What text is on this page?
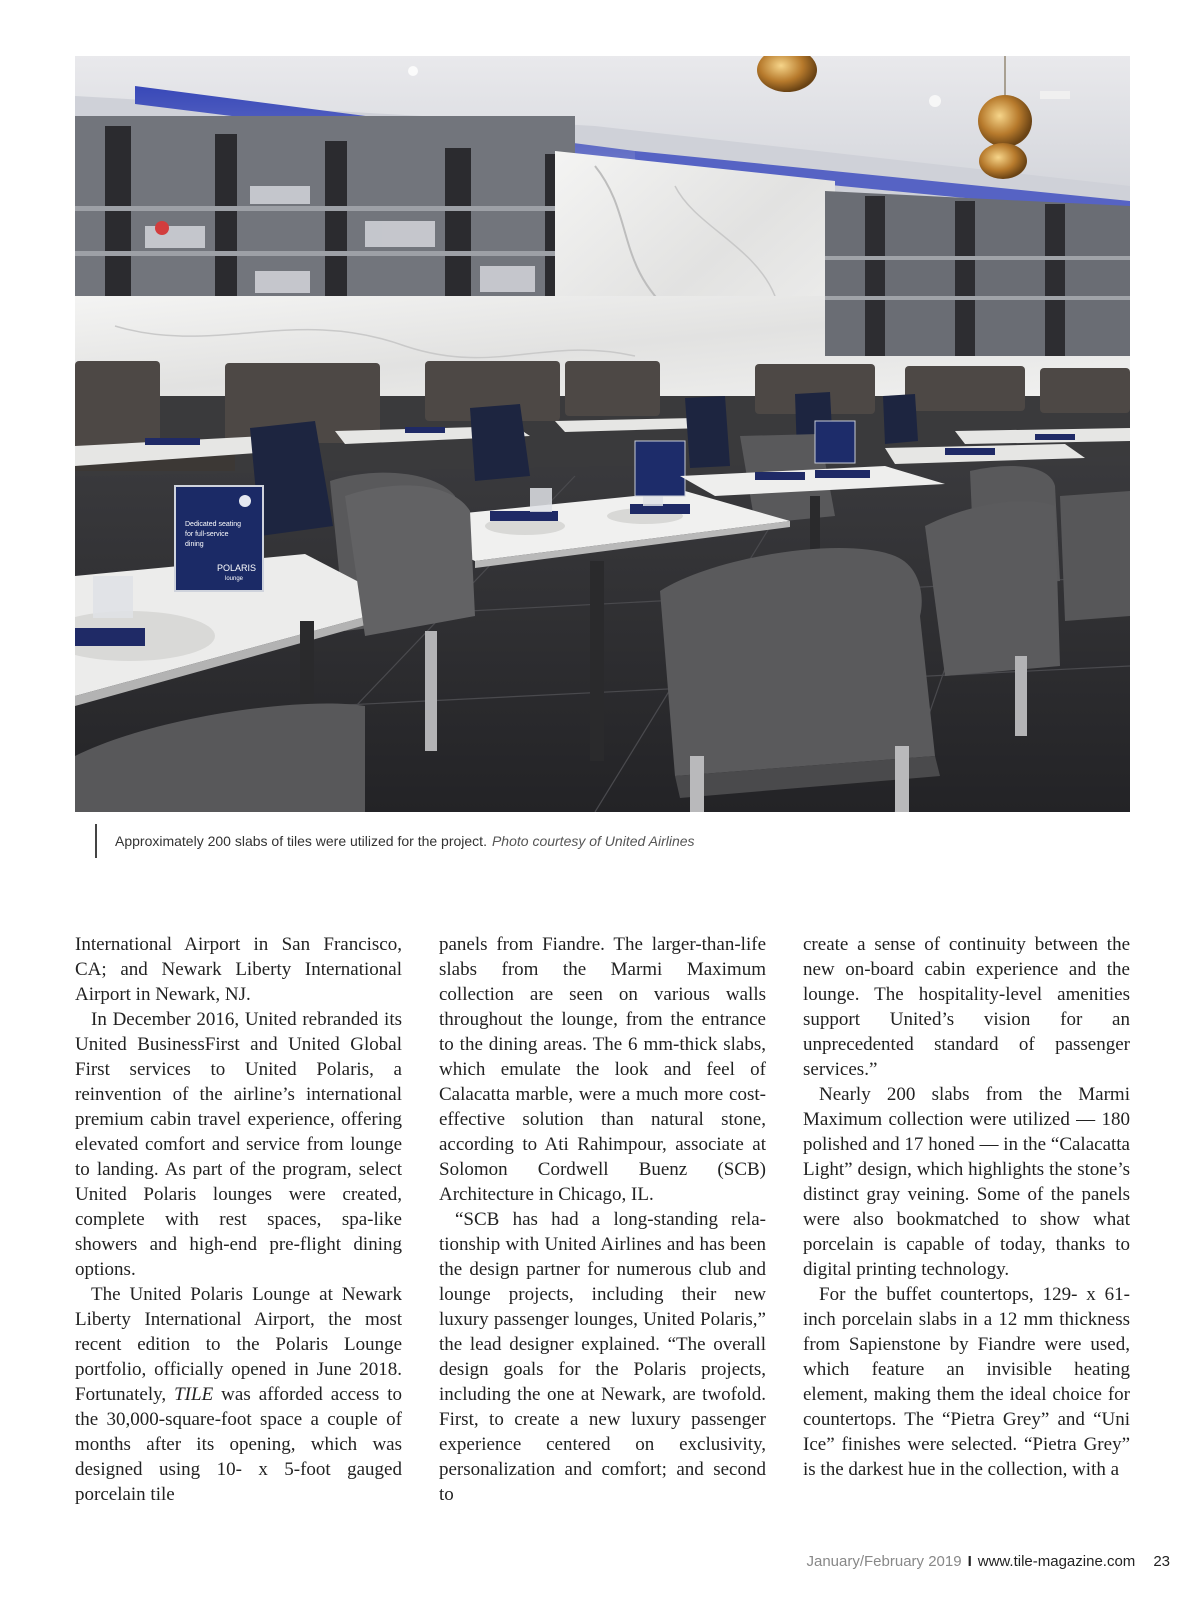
Dedicated seating
for full-service
dining
POLARIS
lounge
Approximately 200 slabs of tiles were utilized for the project. Photo courtesy of United Airlines

International Airport in San Francisco, CA; and Newark Liberty International Airport in Newark, NJ.

In December 2016, United rebranded its United BusinessFirst and United Global First services to United Polaris, a reinvention of the airline’s international premium cabin travel experience, offering elevated comfort and service from lounge to landing. As part of the program, select United Polaris lounges were created, complete with rest spaces, spa-like showers and high-end pre-flight dining options.

The United Polaris Lounge at Newark Liberty International Airport, the most recent edition to the Polaris Lounge portfolio, officially opened in June 2018. Fortunately, TILE was afforded access to the 30,000-square-foot space a couple of months after its opening, which was designed using 10- x 5-foot gauged porcelain tile

panels from Fiandre. The larger-than-life slabs from the Marmi Maximum collection are seen on various walls throughout the lounge, from the entrance to the dining areas. The 6 mm-thick slabs, which emulate the look and feel of Calacatta marble, were a much more cost-effective solution than natural stone, according to Ati Rahimpour, associate at Solomon Cordwell Buenz (SCB) Architecture in Chicago, IL.

“SCB has had a long-standing relationship with United Airlines and has been the design partner for numerous club and lounge projects, including their new luxury passenger lounges, United Polaris,” the lead designer explained. “The overall design goals for the Polaris projects, including the one at Newark, are twofold. First, to create a new luxury passenger experience centered on exclusivity, personalization and comfort; and second to

create a sense of continuity between the new on-board cabin experience and the lounge. The hospitality-level amenities support United’s vision for an unprecedented standard of passenger services.”

Nearly 200 slabs from the Marmi Maximum collection were utilized — 180 polished and 17 honed — in the “Calacatta Light” design, which highlights the stone’s distinct gray veining. Some of the panels were also bookmatched to show what porcelain is capable of today, thanks to digital printing technology.

For the buffet countertops, 129- x 61-inch porcelain slabs in a 12 mm thickness from Sapienstone by Fiandre were used, which feature an invisible heating element, making them the ideal choice for countertops. The “Pietra Grey” and “Uni Ice” finishes were selected. “Pietra Grey” is the darkest hue in the collection, with a

January/February 2019 I www.tile-magazine.com 23
